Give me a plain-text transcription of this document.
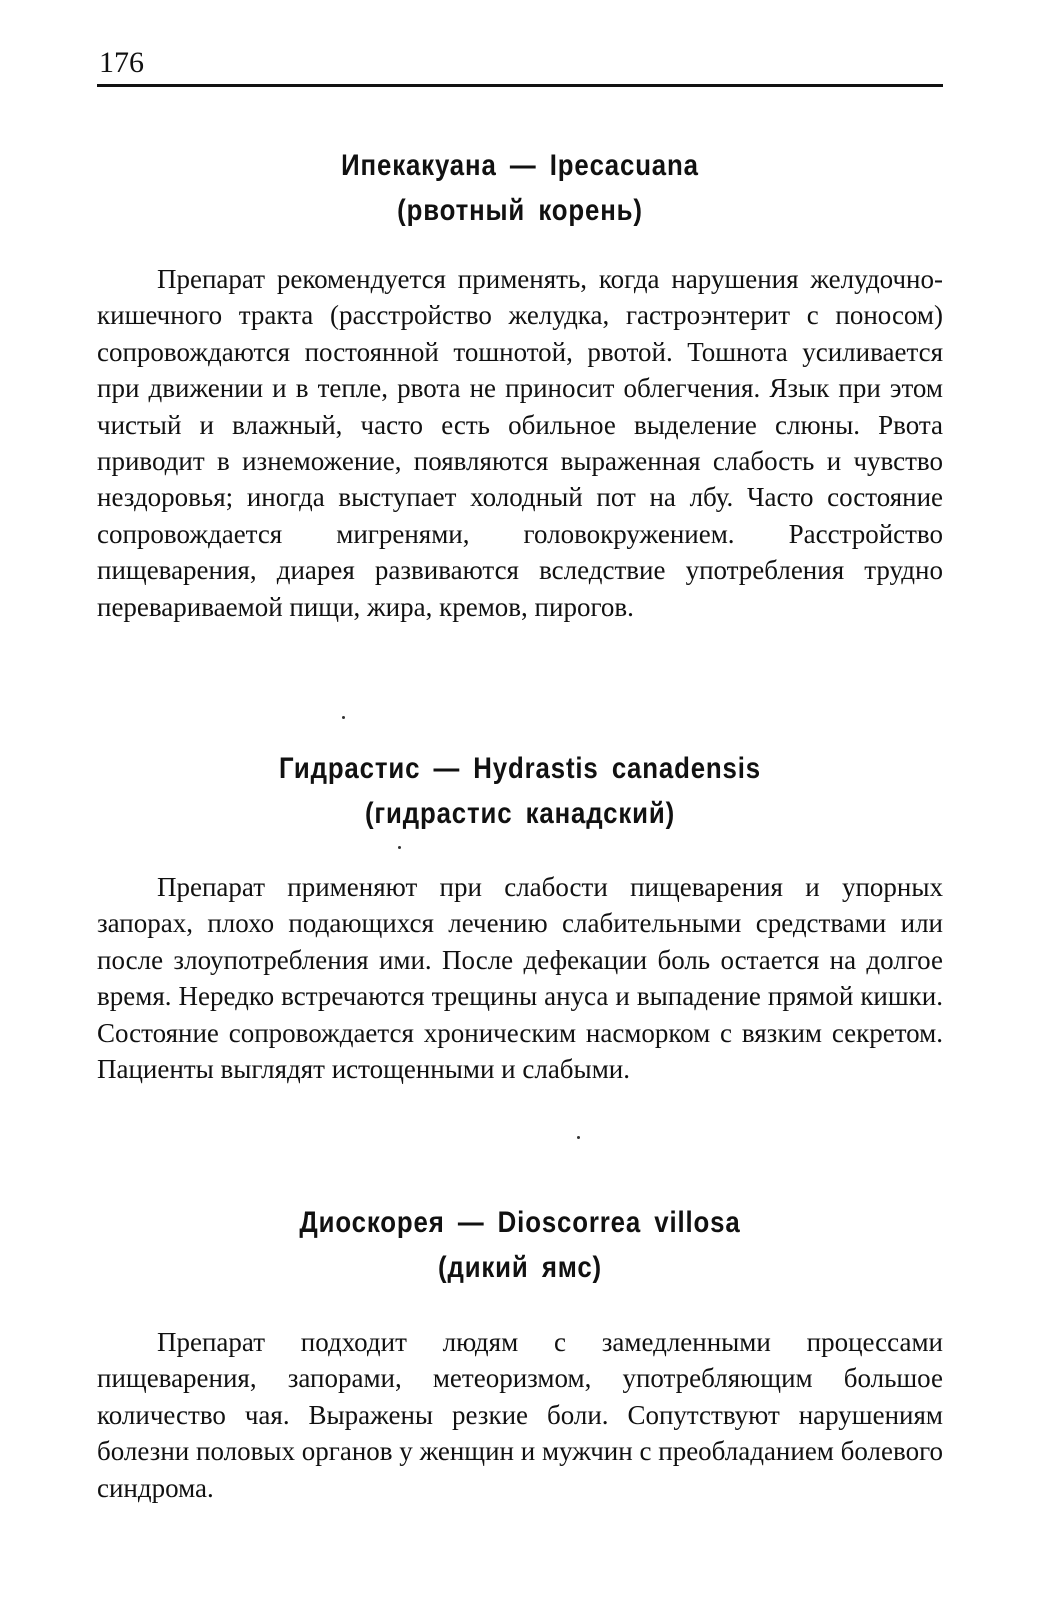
176
Ипекакуана — Ipecacuana
(рвотный корень)

Препарат рекомендуется применять, когда нарушения желудочно-кишечного тракта (расстройство желудка, гастроэнтерит с поносом) сопровождаются постоянной тошнотой, рвотой. Тошнота усиливается при движении и в тепле, рвота не приносит облегчения. Язык при этом чистый и влажный, часто есть обильное выделение слюны. Рвота приводит в изнеможение, появляются выраженная слабость и чувство нездоровья; иногда выступает холодный пот на лбу. Часто состояние сопровождается мигренями, головокружением. Расстройство пищеварения, диарея развиваются вследствие употребления трудно перевариваемой пищи, жира, кремов, пирогов.

Гидрастис — Hydrastis canadensis
(гидрастис канадский)

Препарат применяют при слабости пищеварения и упорных запорах, плохо подающихся лечению слабительными средствами или после злоупотребления ими. После дефекации боль остается на долгое время. Нередко встречаются трещины ануса и выпадение прямой кишки. Состояние сопровождается хроническим насморком с вязким секретом. Пациенты выглядят истощенными и слабыми.

Диоскорея — Dioscorrea villosa
(дикий ямс)

Препарат подходит людям с замедленными процессами пищеварения, запорами, метеоризмом, употребляющим большое количество чая. Выражены резкие боли. Сопутствуют нарушениям болезни половых органов у женщин и мужчин с преобладанием болевого синдрома.
